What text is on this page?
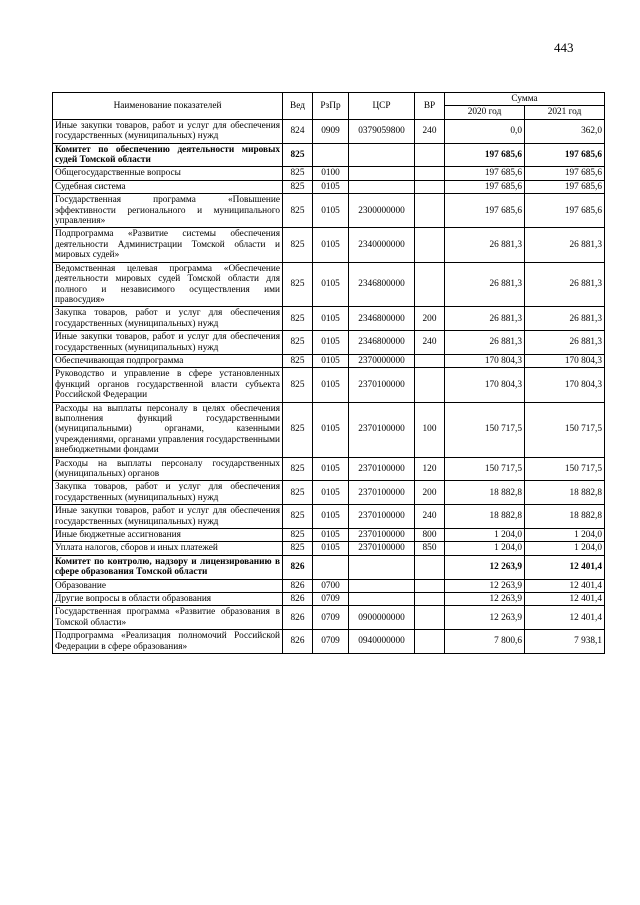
443
Наименование показателей	Вед	РзПр	ЦСР	ВР	Сумма	
					2020 год	2021 год
Иные закупки товаров, работ и услуг для обеспечения государственных (муниципальных) нужд	824	0909	0379059800	240	0,0	362,0
Комитет по обеспечению деятельности мировых судей Томской области	825				197 685,6	197 685,6
Общегосударственные вопросы	825	0100			197 685,6	197 685,6
Судебная система	825	0105			197 685,6	197 685,6
Государственная программа «Повышение эффективности регионального и муниципального управления»	825	0105	2300000000		197 685,6	197 685,6
Подпрограмма «Развитие системы обеспечения деятельности Администрации Томской области и мировых судей»	825	0105	2340000000		26 881,3	26 881,3
Ведомственная целевая программа «Обеспечение деятельности мировых судей Томской области для полного и независимого осуществления ими правосудия»	825	0105	2346800000		26 881,3	26 881,3
Закупка товаров, работ и услуг для обеспечения государственных (муниципальных) нужд	825	0105	2346800000	200	26 881,3	26 881,3
Иные закупки товаров, работ и услуг для обеспечения государственных (муниципальных) нужд	825	0105	2346800000	240	26 881,3	26 881,3
Обеспечивающая подпрограмма	825	0105	2370000000		170 804,3	170 804,3
Руководство и управление в сфере установленных функций органов государственной власти субъекта Российской Федерации	825	0105	2370100000		170 804,3	170 804,3
Расходы на выплаты персоналу в целях обеспечения выполнения функций государственными (муниципальными) органами, казенными учреждениями, органами управления государственными внебюджетными фондами	825	0105	2370100000	100	150 717,5	150 717,5
Расходы на выплаты персоналу государственных (муниципальных) органов	825	0105	2370100000	120	150 717,5	150 717,5
Закупка товаров, работ и услуг для обеспечения государственных (муниципальных) нужд	825	0105	2370100000	200	18 882,8	18 882,8
Иные закупки товаров, работ и услуг для обеспечения государственных (муниципальных) нужд	825	0105	2370100000	240	18 882,8	18 882,8
Иные бюджетные ассигнования	825	0105	2370100000	800	1 204,0	1 204,0
Уплата налогов, сборов и иных платежей	825	0105	2370100000	850	1 204,0	1 204,0
Комитет по контролю, надзору и лицензированию в сфере образования Томской области	826				12 263,9	12 401,4
Образование	826	0700			12 263,9	12 401,4
Другие вопросы в области образования	826	0709			12 263,9	12 401,4
Государственная программа «Развитие образования в Томской области»	826	0709	0900000000		12 263,9	12 401,4
Подпрограмма «Реализация полномочий Российской Федерации в сфере образования»	826	0709	0940000000		7 800,6	7 938,1
